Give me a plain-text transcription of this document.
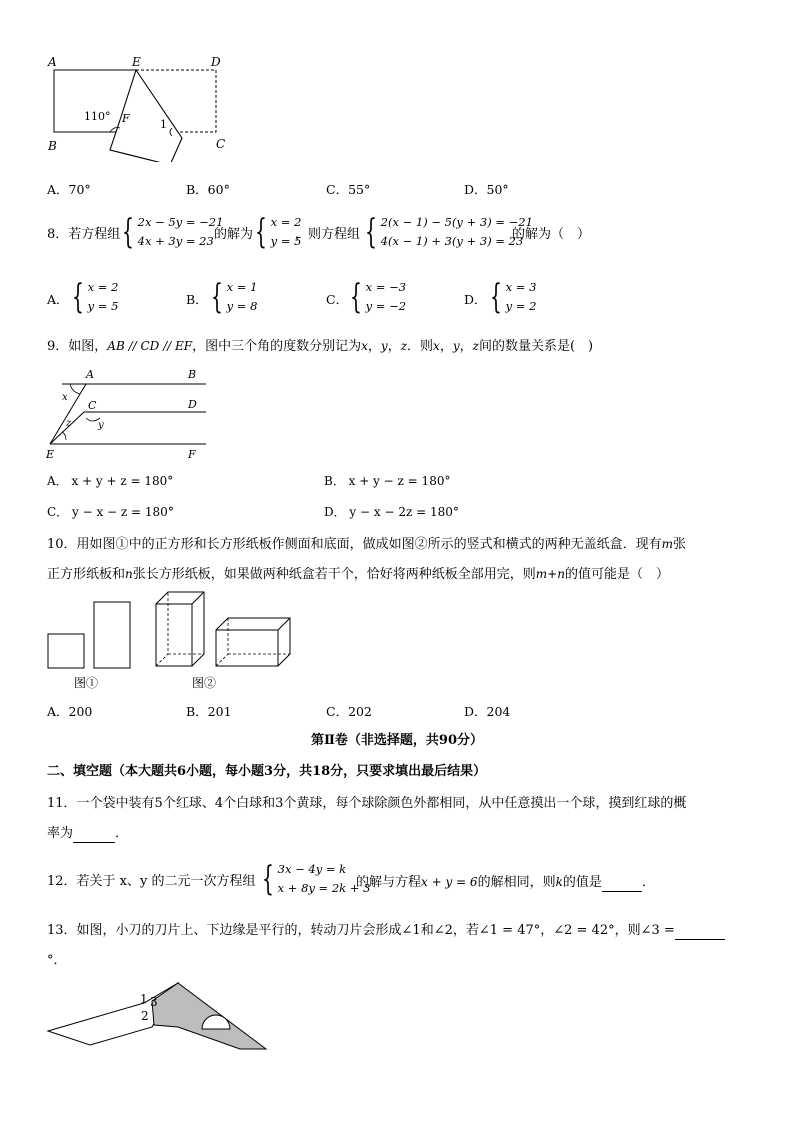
A	E	D
B	C
F
110°
1
A．70°	B．60°	C．55°	D．50°
8．若方程组 { 2x − 5y = −21
4x + 3y = 23 的解为 { x = 2
y = 5
，则方程组 { 2(x − 1) − 5(y + 3) = −21
4(x − 1) + 3(y + 3) = 23
的解为（　）
A． { x = 2
y = 5	B． { x = 1
y = 8	C． { x = −3
y = −2	D． { x = 3
y = 2
9．如图，AB // CD // EF，图中三个角的度数分别记为x，y，z．则x，y，z间的数量关系是(　)
A	B
C	D
E	F
x
z	y
A． x + y + z = 180°	B． x + y − z = 180°
C． y − x − z = 180°	D． y − x − 2z = 180°
10．用如图①中的正方形和长方形纸板作侧面和底面，做成如图②所示的竖式和横式的两种无盖纸盒．现有m张
正方形纸板和n张长方形纸板，如果做两种纸盒若干个，恰好将两种纸板全部用完，则m+n的值可能是（　）
图①	图②
A．200	B．201	C．202	D．204
第Ⅱ卷（非选择题，共90分）
二、填空题（本大题共6小题，每小题3分，共18分，只要求填出最后结果）
11．一个袋中装有5个红球、4个白球和3个黄球，每个球除颜色外都相同，从中任意摸出一个球，摸到红球的概
率为	．
12．若关于 x、y 的二元一次方程组 { 3x − 4y = k
x + 8y = 2k + 3
的解与方程x + y = 6的解相同，则k的值是	．
13．如图，小刀的刀片上、下边缘是平行的，转动刀片会形成∠1和∠2，若∠1 = 47°，∠2 = 42°，则∠3 =
°．
1 3
2
